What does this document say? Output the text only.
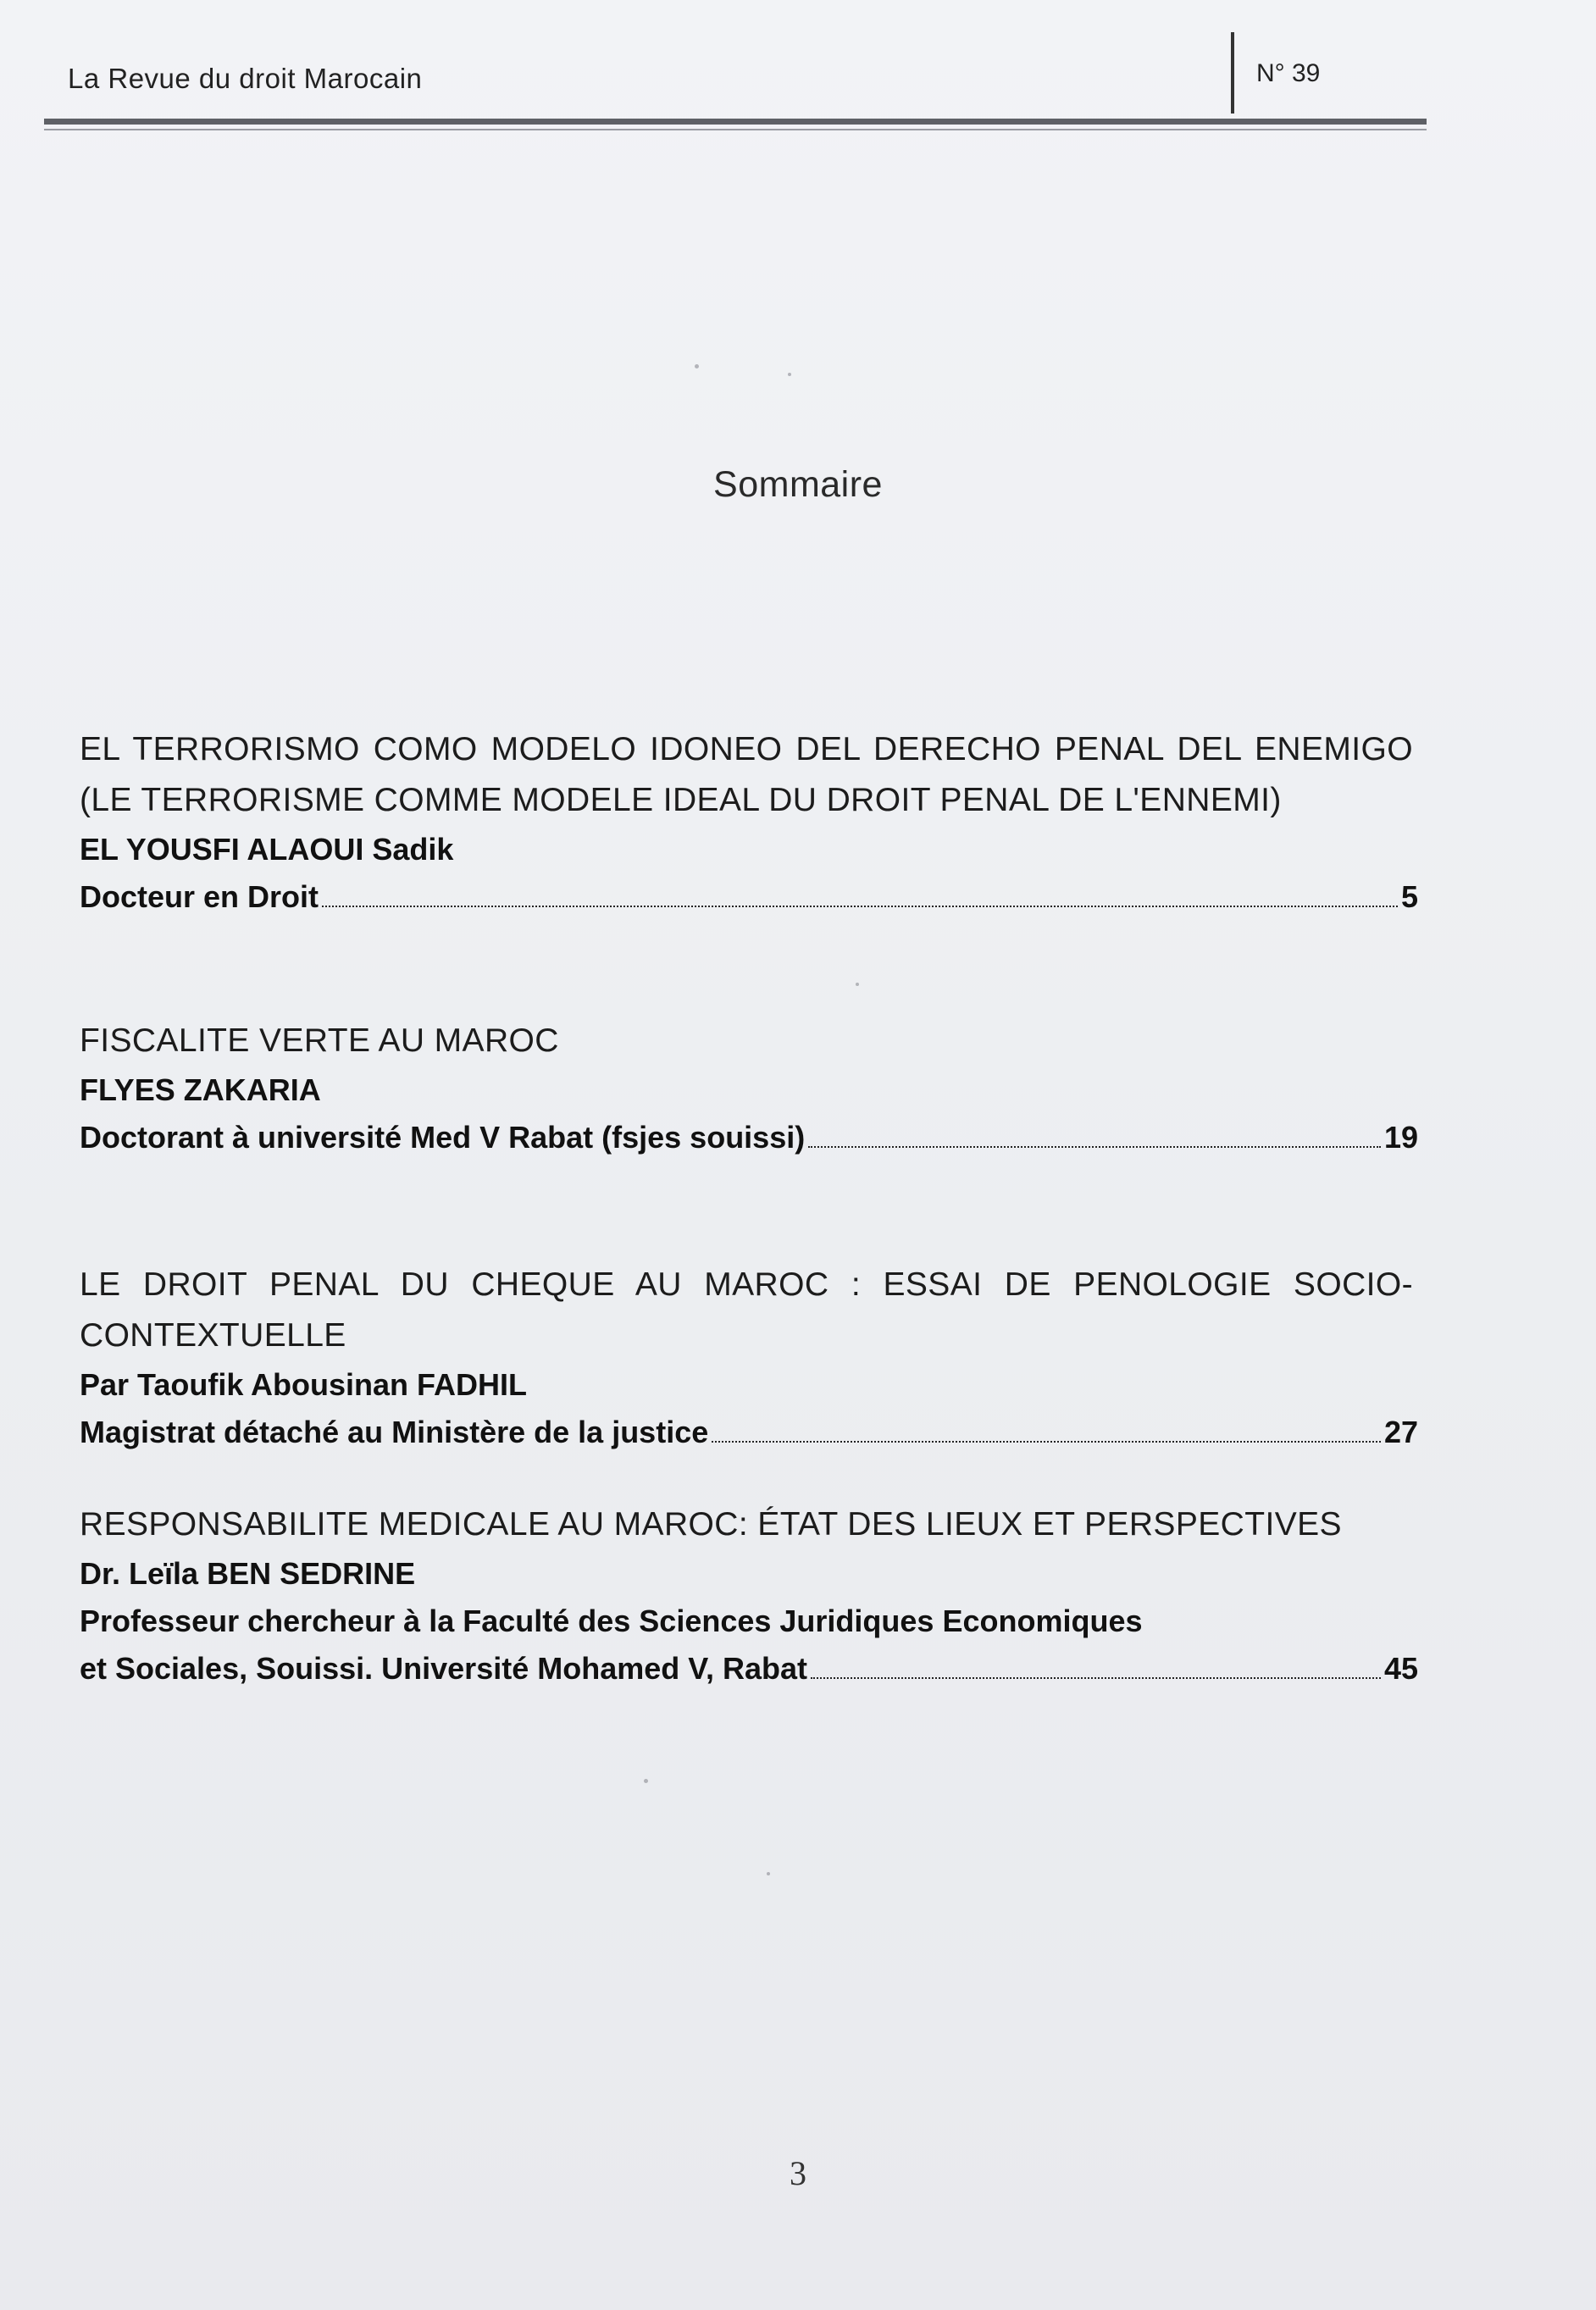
La Revue du droit Marocain	N° 39
Sommaire
EL TERRORISMO COMO MODELO IDONEO DEL DERECHO PENAL DEL ENEMIGO (LE TERRORISME COMME MODELE IDEAL DU DROIT PENAL DE L'ENNEMI)
EL YOUSFI ALAOUI Sadik
Docteur en Droit	5
FISCALITE VERTE AU MAROC
FLYES ZAKARIA
Doctorant à université Med V Rabat (fsjes souissi)	19
LE DROIT PENAL DU CHEQUE AU MAROC : ESSAI DE PENOLOGIE SOCIO-CONTEXTUELLE
Par Taoufik Abousinan FADHIL
Magistrat détaché au Ministère de la justice	27
RESPONSABILITE MEDICALE AU MAROC: ÉTAT DES LIEUX ET PERSPECTIVES
Dr. Leïla BEN SEDRINE
Professeur chercheur à la Faculté des Sciences Juridiques Economiques
et Sociales, Souissi. Université Mohamed V, Rabat	45
3
